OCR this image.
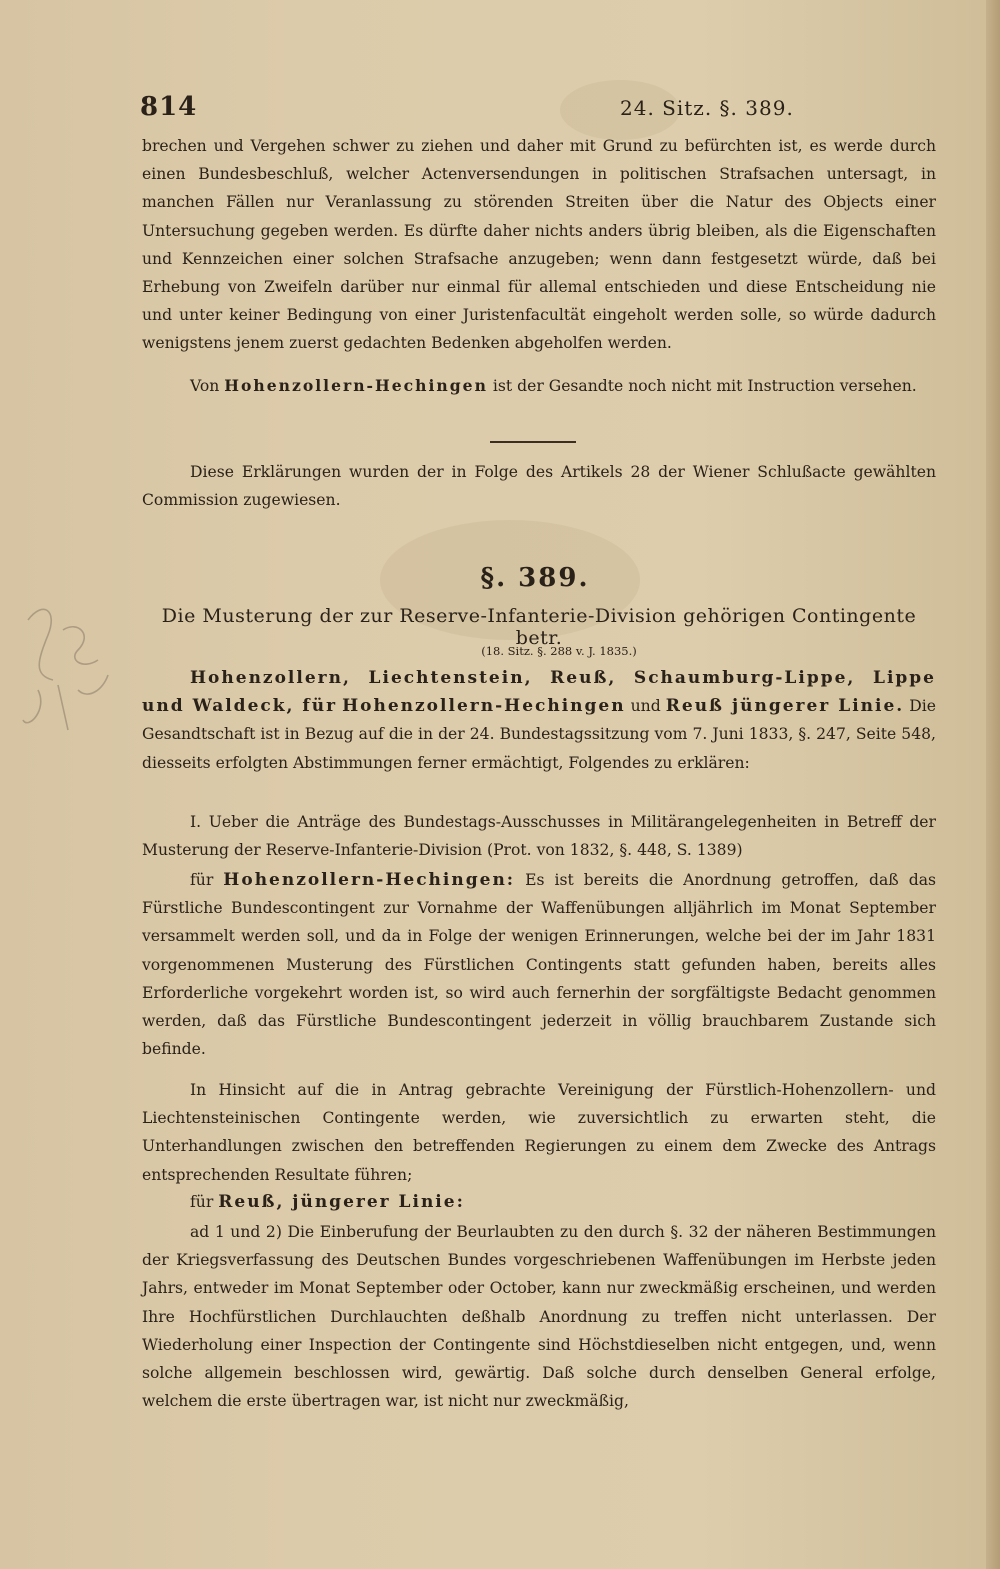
814	24. Sitz. §. 389.
brechen und Vergehen schwer zu ziehen und daher mit Grund zu befürchten ist, es werde durch einen Bundesbeschluß, welcher Actenversendungen in politischen Strafsachen untersagt, in manchen Fällen nur Veranlassung zu störenden Streiten über die Natur des Objects einer Untersuchung gegeben werden. Es dürfte daher nichts anders übrig bleiben, als die Eigenschaften und Kennzeichen einer solchen Strafsache anzugeben; wenn dann festgesetzt würde, daß bei Erhebung von Zweifeln darüber nur einmal für allemal entschieden und diese Entscheidung nie und unter keiner Bedingung von einer Juristenfacultät eingeholt werden solle, so würde dadurch wenigstens jenem zuerst gedachten Bedenken abgeholfen werden.
Von Hohenzollern-Hechingen ist der Gesandte noch nicht mit Instruction versehen.
Diese Erklärungen wurden der in Folge des Artikels 28 der Wiener Schlußacte gewählten Commission zugewiesen.
§. 389.
Die Musterung der zur Reserve-Infanterie-Division gehörigen Contingente betr.
(18. Sitz. §. 288 v. J. 1835.)
Hohenzollern, Liechtenstein, Reuß, Schaumburg-Lippe, Lippe und Waldeck, für Hohenzollern-Hechingen und Reuß jüngerer Linie. Die Gesandtschaft ist in Bezug auf die in der 24. Bundestagssitzung vom 7. Juni 1833, §. 247, Seite 548, diesseits erfolgten Abstimmungen ferner ermächtigt, Folgendes zu erklären:
I. Ueber die Anträge des Bundestags-Ausschusses in Militärangelegenheiten in Betreff der Musterung der Reserve-Infanterie-Division (Prot. von 1832, §. 448, S. 1389)
für Hohenzollern-Hechingen: Es ist bereits die Anordnung getroffen, daß das Fürstliche Bundescontingent zur Vornahme der Waffenübungen alljährlich im Monat September versammelt werden soll, und da in Folge der wenigen Erinnerungen, welche bei der im Jahr 1831 vorgenommenen Musterung des Fürstlichen Contingents statt gefunden haben, bereits alles Erforderliche vorgekehrt worden ist, so wird auch fernerhin der sorgfältigste Bedacht genommen werden, daß das Fürstliche Bundescontingent jederzeit in völlig brauchbarem Zustande sich befinde.
In Hinsicht auf die in Antrag gebrachte Vereinigung der Fürstlich-Hohenzollern- und Liechtensteinischen Contingente werden, wie zuversichtlich zu erwarten steht, die Unterhandlungen zwischen den betreffenden Regierungen zu einem dem Zwecke des Antrags entsprechenden Resultate führen;
für Reuß, jüngerer Linie:
ad 1 und 2) Die Einberufung der Beurlaubten zu den durch §. 32 der näheren Bestimmungen der Kriegsverfassung des Deutschen Bundes vorgeschriebenen Waffenübungen im Herbste jeden Jahrs, entweder im Monat September oder October, kann nur zweckmäßig erscheinen, und werden Ihre Hochfürstlichen Durchlauchten deßhalb Anordnung zu treffen nicht unterlassen. Der Wiederholung einer Inspection der Contingente sind Höchstdieselben nicht entgegen, und, wenn solche allgemein beschlossen wird, gewärtig. Daß solche durch denselben General erfolge, welchem die erste übertragen war, ist nicht nur zweckmäßig,
